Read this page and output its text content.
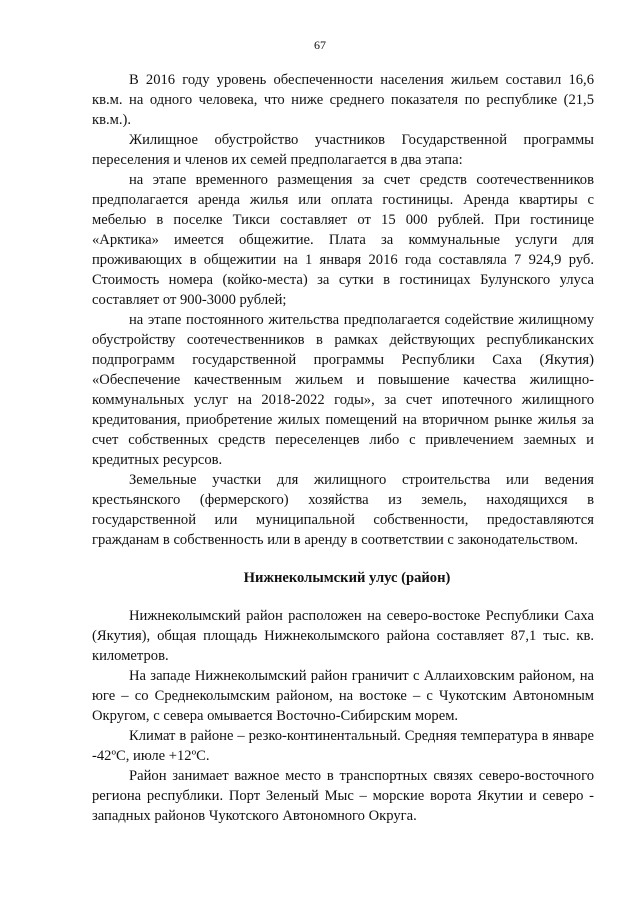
67

В 2016 году уровень обеспеченности населения жильем составил 16,6 кв.м. на одного человека, что ниже среднего показателя по республике (21,5 кв.м.).

Жилищное обустройство участников Государственной программы переселения и членов их семей предполагается в два этапа:

на этапе временного размещения за счет средств соотечественников предполагается аренда жилья или оплата гостиницы. Аренда квартиры с мебелью в поселке Тикси составляет от 15 000 рублей. При гостинице «Арктика» имеется общежитие. Плата за коммунальные услуги для проживающих в общежитии на 1 января 2016 года составляла 7 924,9 руб. Стоимость номера (койко-места) за сутки в гостиницах Булунского улуса составляет от 900-3000 рублей;

на этапе постоянного жительства предполагается содействие жилищному обустройству соотечественников в рамках действующих республиканских подпрограмм государственной программы Республики Саха (Якутия) «Обеспечение качественным жильем и повышение качества жилищно-коммунальных услуг на 2018-2022 годы», за счет ипотечного жилищного кредитования, приобретение жилых помещений на вторичном рынке жилья за счет собственных средств переселенцев либо с привлечением заемных и кредитных ресурсов.

Земельные участки для жилищного строительства или ведения крестьянского (фермерского) хозяйства из земель, находящихся в государственной или муниципальной собственности, предоставляются гражданам в собственность или в аренду в соответствии с законодательством.

Нижнеколымский улус (район)

Нижнеколымский район расположен на северо-востоке Республики Саха (Якутия), общая площадь Нижнеколымского района составляет 87,1 тыс. кв. километров.

На западе Нижнеколымский район граничит с Аллаиховским районом, на юге – со Среднеколымским районом, на востоке – с Чукотским Автономным Округом, с севера омывается Восточно-Сибирским морем.

Климат в районе – резко-континентальный. Средняя температура в январе -42ºC, июле +12ºC.

Район занимает важное место в транспортных связях северо-восточного региона республики. Порт Зеленый Мыс – морские ворота Якутии и северо - западных районов Чукотского Автономного Округа.
